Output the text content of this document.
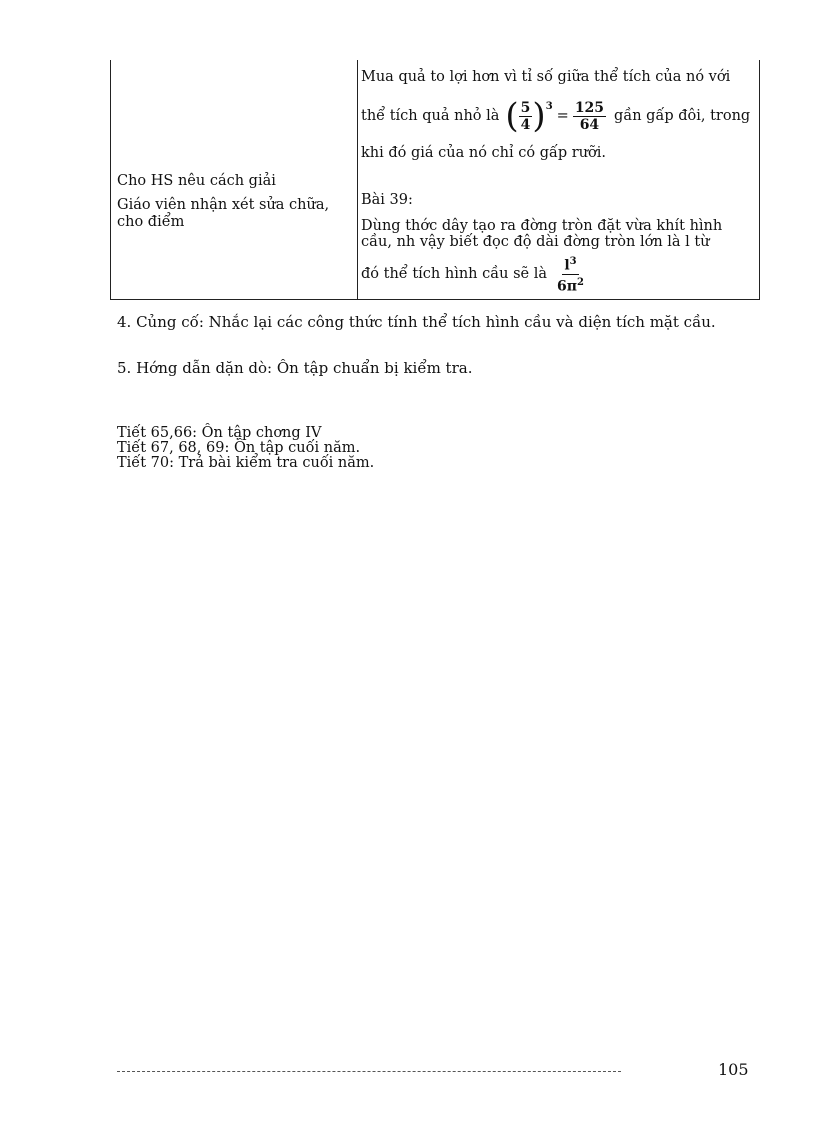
Cho HS nêu cách giải
Giáo viên nhận xét sửa chữa,
cho điểm
Mua quả to lợi hơn vì tỉ số giữa thể tích của nó với
thể tích quả nhỏ là ( $\frac{5}{4}$ ) 3
= $\frac{125}{64}$ gần gấp đôi, trong
khi đó giá của nó chỉ có gấp rưỡi.
Bài 39:
Dùng thớc dây tạo ra đờng tròn đặt vừa khít hình
cầu, nh vậy biết đọc độ dài đờng tròn lớn là l từ
đó thể tích hình cầu sẽ là $\frac{l^3}{6\pi^2}$
4. Củng cố: Nhắc lại các công thức tính thể tích hình cầu và diện tích mặt cầu.
5. Hớng dẫn dặn dò: Ôn tập chuẩn bị kiểm tra.
Tiết 65,66: Ôn tập chơng IV
Tiết 67, 68, 69: Ôn tập cuối năm.
Tiết 70: Trả bài kiểm tra cuối năm.
105
